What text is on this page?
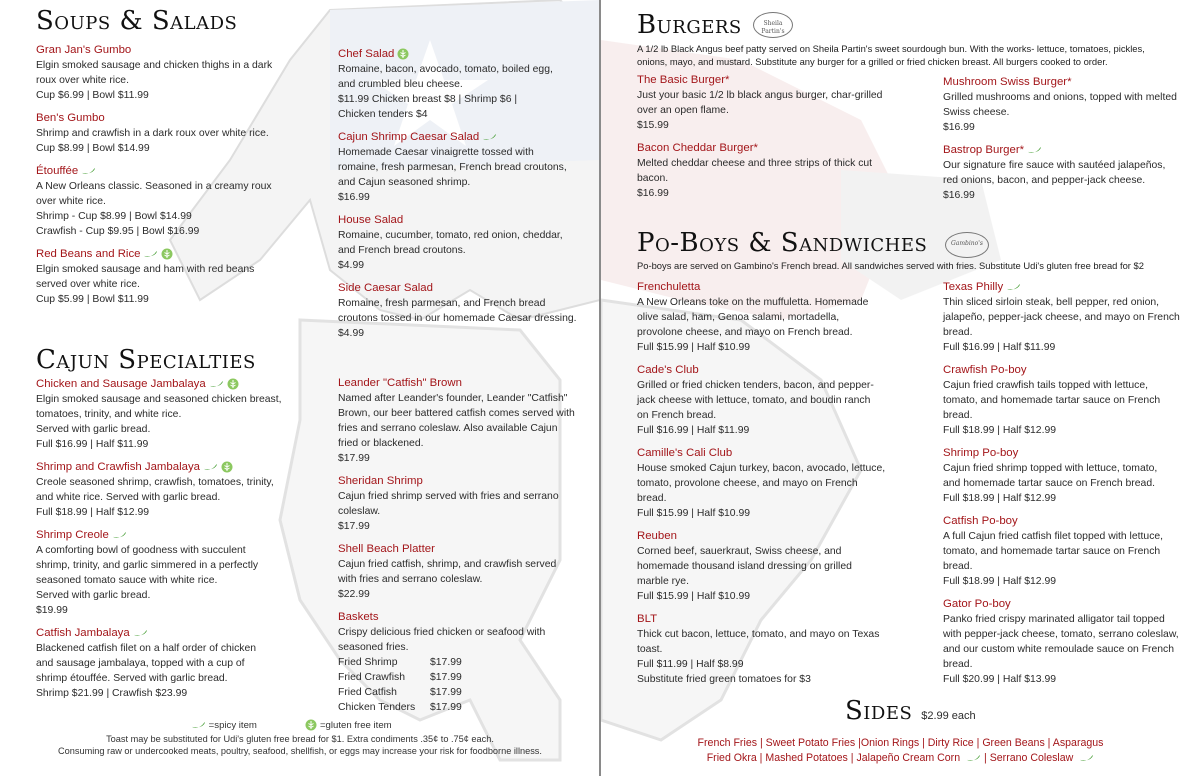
Soups & Salads
Gran Jan's Gumbo
Elgin smoked sausage and chicken thighs in a dark
roux over white rice.
Cup $6.99 | Bowl $11.99
Ben's Gumbo
Shrimp and crawfish in a dark roux over white rice.
Cup $8.99 | Bowl $14.99
Étouffée
A New Orleans classic. Seasoned in a creamy roux
over white rice.
Shrimp - Cup $8.99 | Bowl $14.99
Crawfish - Cup $9.95 | Bowl $16.99
Red Beans and Rice
Elgin smoked sausage and ham with red beans
served over white rice.
Cup $5.99 | Bowl $11.99
Chef Salad
Romaine, bacon, avocado, tomato, boiled egg,
and crumbled bleu cheese.
$11.99 Chicken breast $8 | Shrimp $6 |
Chicken tenders $4
Cajun Shrimp Caesar Salad
Homemade Caesar vinaigrette tossed with
romaine, fresh parmesan, French bread croutons,
and Cajun seasoned shrimp.
$16.99
House Salad
Romaine, cucumber, tomato, red onion, cheddar,
and French bread croutons.
$4.99
Side Caesar Salad
Romaine, fresh parmesan, and French bread
croutons tossed in our homemade Caesar dressing.
$4.99
Cajun Specialties
Chicken and Sausage Jambalaya
Elgin smoked sausage and seasoned chicken breast,
tomatoes, trinity, and white rice.
Served with garlic bread.
Full $16.99 | Half $11.99
Shrimp and Crawfish Jambalaya
Creole seasoned shrimp, crawfish, tomatoes, trinity,
and white rice. Served with garlic bread.
Full $18.99 | Half $12.99
Shrimp Creole
A comforting bowl of goodness with succulent
shrimp, trinity, and garlic simmered in a perfectly
seasoned tomato sauce with white rice.
Served with garlic bread.
$19.99
Catfish Jambalaya
Blackened catfish filet on a half order of chicken
and sausage jambalaya, topped with a cup of
shrimp étouffée. Served with garlic bread.
Shrimp $21.99 | Crawfish $23.99
Leander "Catfish" Brown
Named after Leander's founder, Leander "Catfish"
Brown, our beer battered catfish comes served with
fries and serrano coleslaw. Also available Cajun
fried or blackened.
$17.99
Sheridan Shrimp
Cajun fried shrimp served with fries and serrano
coleslaw.
$17.99
Shell Beach Platter
Cajun fried catfish, shrimp, and crawfish served
with fries and serrano coleslaw.
$22.99
Baskets
Crispy delicious fried chicken or seafood with
seasoned fries.
Fried Shrimp	$17.99
Fried Crawfish	$17.99
Fried Catfish	$17.99
Chicken Tenders	$17.99
=spicy item	=gluten free item
Toast may be substituted for Udi's gluten free bread for $1. Extra condiments .35¢ to .75¢ each.
Consuming raw or undercooked meats, poultry, seafood, shellfish, or eggs may increase your risk for foodborne illness.
Burgers	Sheila Partin's
A 1/2 lb Black Angus beef patty served on Sheila Partin's sweet sourdough bun. With the works- lettuce, tomatoes, pickles,
onions, mayo, and mustard. Substitute any burger for a grilled or fried chicken breast. All burgers cooked to order.
The Basic Burger*
Just your basic 1/2 lb black angus burger, char-grilled
over an open flame.
$15.99
Bacon Cheddar Burger*
Melted cheddar cheese and three strips of thick cut
bacon.
$16.99
Mushroom Swiss Burger*
Grilled mushrooms and onions, topped with melted
Swiss cheese.
$16.99
Bastrop Burger*
Our signature fire sauce with sautéed jalapeños,
red onions, bacon, and pepper-jack cheese.
$16.99
Po-Boys & Sandwiches	Gambino's
Po-boys are served on Gambino's French bread. All sandwiches served with fries. Substitute Udi's gluten free bread for $2
Frenchuletta
A New Orleans toke on the muffuletta. Homemade
olive salad, ham, Genoa salami, mortadella,
provolone cheese, and mayo on French bread.
Full $15.99 | Half $10.99
Cade's Club
Grilled or fried chicken tenders, bacon, and pepper-
jack cheese with lettuce, tomato, and boudin ranch
on French bread.
Full $16.99 | Half $11.99
Camille's Cali Club
House smoked Cajun turkey, bacon, avocado, lettuce,
tomato, provolone cheese, and mayo on French
bread.
Full $15.99 | Half $10.99
Reuben
Corned beef, sauerkraut, Swiss cheese, and
homemade thousand island dressing on grilled
marble rye.
Full $15.99 | Half $10.99
BLT
Thick cut bacon, lettuce, tomato, and mayo on Texas
toast.
Full $11.99 | Half $8.99
Substitute fried green tomatoes for $3
Texas Philly
Thin sliced sirloin steak, bell pepper, red onion,
jalapeño, pepper-jack cheese, and mayo on French
bread.
Full $16.99 | Half $11.99
Crawfish Po-boy
Cajun fried crawfish tails topped with lettuce,
tomato, and homemade tartar sauce on French
bread.
Full $18.99 | Half $12.99
Shrimp Po-boy
Cajun fried shrimp topped with lettuce, tomato,
and homemade tartar sauce on French bread.
Full $18.99 | Half $12.99
Catfish Po-boy
A full Cajun fried catfish filet topped with lettuce,
tomato, and homemade tartar sauce on French
bread.
Full $18.99 | Half $12.99
Gator Po-boy
Panko fried crispy marinated alligator tail topped
with pepper-jack cheese, tomato, serrano coleslaw,
and our custom white remoulade sauce on French
bread.
Full $20.99 | Half $13.99
Sides $2.99 each
French Fries | Sweet Potato Fries |Onion Rings | Dirty Rice | Green Beans | Asparagus
Fried Okra | Mashed Potatoes | Jalapeño Cream Corn | Serrano Coleslaw
